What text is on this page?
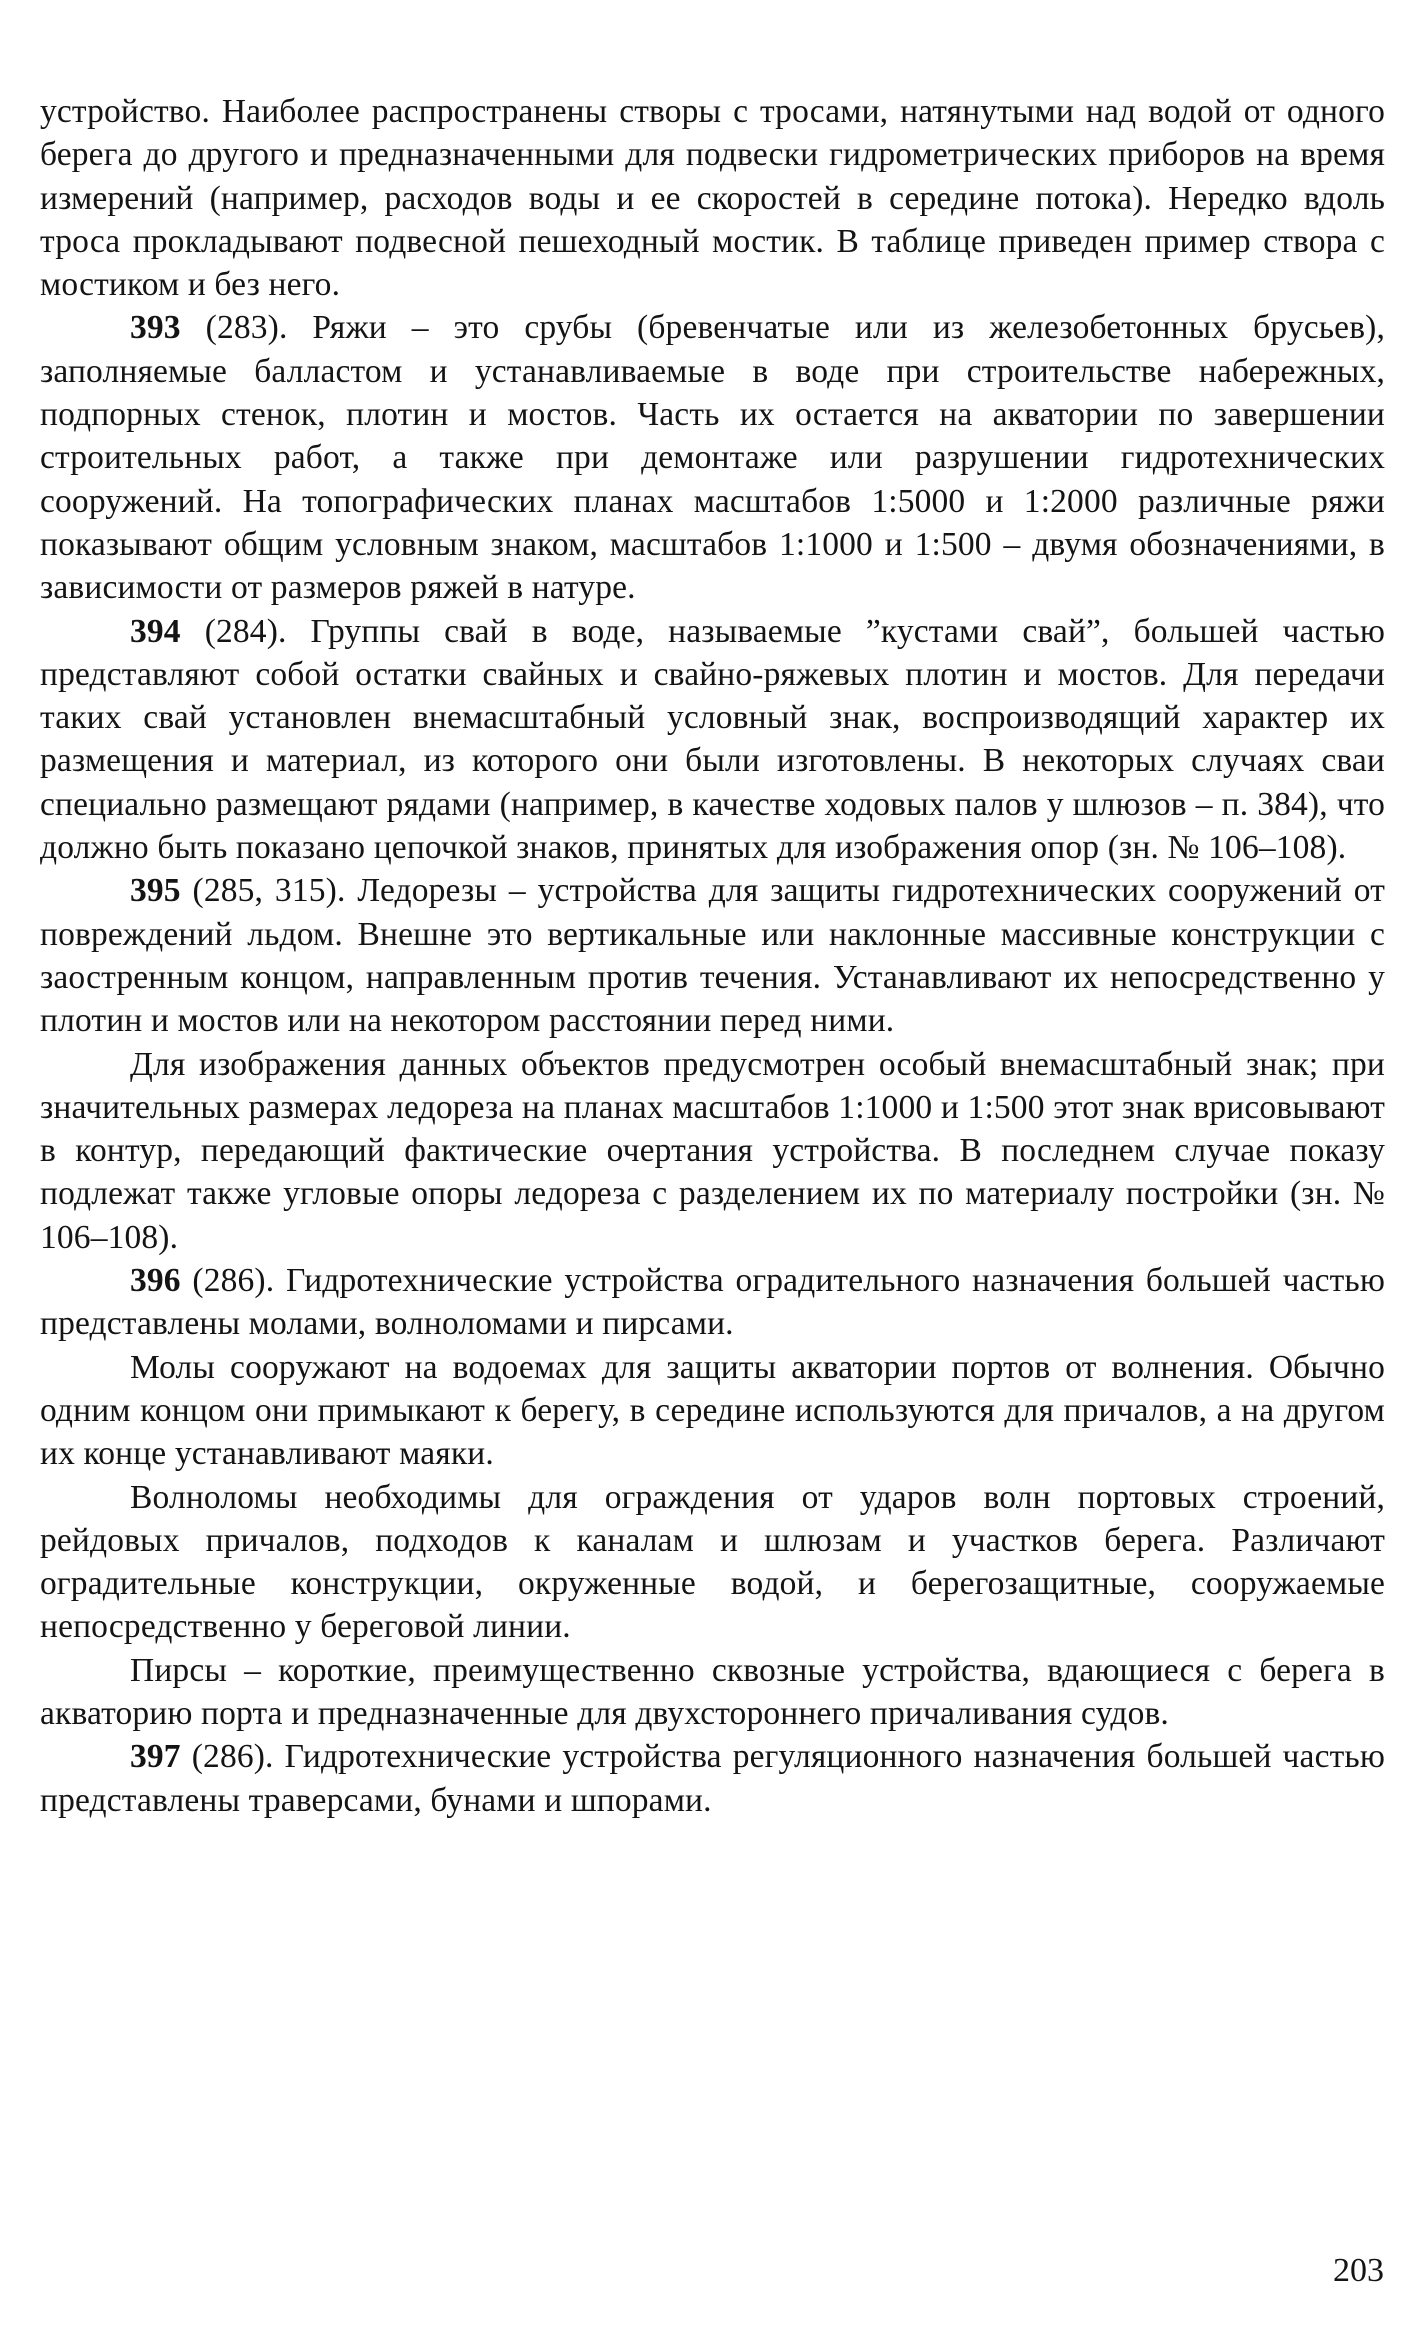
устройство. Наиболее распространены створы с тросами, натянутыми над водой от одного берега до другого и предназначенными для подвески гидрометрических приборов на время измерений (например, расходов воды и ее скоростей в середине потока). Нередко вдоль троса прокладывают подвесной пешеходный мостик. В таблице приведен пример створа с мостиком и без него.

393 (283). Ряжи – это срубы (бревенчатые или из железобетонных брусьев), заполняемые балластом и устанавливаемые в воде при строительстве набережных, подпорных стенок, плотин и мостов. Часть их остается на акватории по завершении строительных работ, а также при демонтаже или разрушении гидротехнических сооружений. На топографических планах масштабов 1:5000 и 1:2000 различные ряжи показывают общим условным знаком, масштабов 1:1000 и 1:500 – двумя обозначениями, в зависимости от размеров ряжей в натуре.

394 (284). Группы свай в воде, называемые ”кустами свай”, большей частью представляют собой остатки свайных и свайно-ряжевых плотин и мостов. Для передачи таких свай установлен внемасштабный условный знак, воспроизводящий характер их размещения и материал, из которого они были изготовлены. В некоторых случаях сваи специально размещают рядами (например, в качестве ходовых палов у шлюзов – п. 384), что должно быть показано цепочкой знаков, принятых для изображения опор (зн. № 106–108).

395 (285, 315). Ледорезы – устройства для защиты гидротехнических сооружений от повреждений льдом. Внешне это вертикальные или наклонные массивные конструкции с заостренным концом, направленным против течения. Устанавливают их непосредственно у плотин и мостов или на некотором расстоянии перед ними.

Для изображения данных объектов предусмотрен особый внемасштабный знак; при значительных размерах ледореза на планах масштабов 1:1000 и 1:500 этот знак врисовывают в контур, передающий фактические очертания устройства. В последнем случае показу подлежат также угловые опоры ледореза с разделением их по материалу постройки (зн. № 106–108).

396 (286). Гидротехнические устройства оградительного назначения большей частью представлены молами, волноломами и пирсами.

Молы сооружают на водоемах для защиты акватории портов от волнения. Обычно одним концом они примыкают к берегу, в середине используются для причалов, а на другом их конце устанавливают маяки.

Волноломы необходимы для ограждения от ударов волн портовых строений, рейдовых причалов, подходов к каналам и шлюзам и участков берега. Различают оградительные конструкции, окруженные водой, и берегозащитные, сооружаемые непосредственно у береговой линии.

Пирсы – короткие, преимущественно сквозные устройства, вдающиеся с берега в акваторию порта и предназначенные для двухстороннего причаливания судов.

397 (286). Гидротехнические устройства регуляционного назначения большей частью представлены траверсами, бунами и шпорами.

203
